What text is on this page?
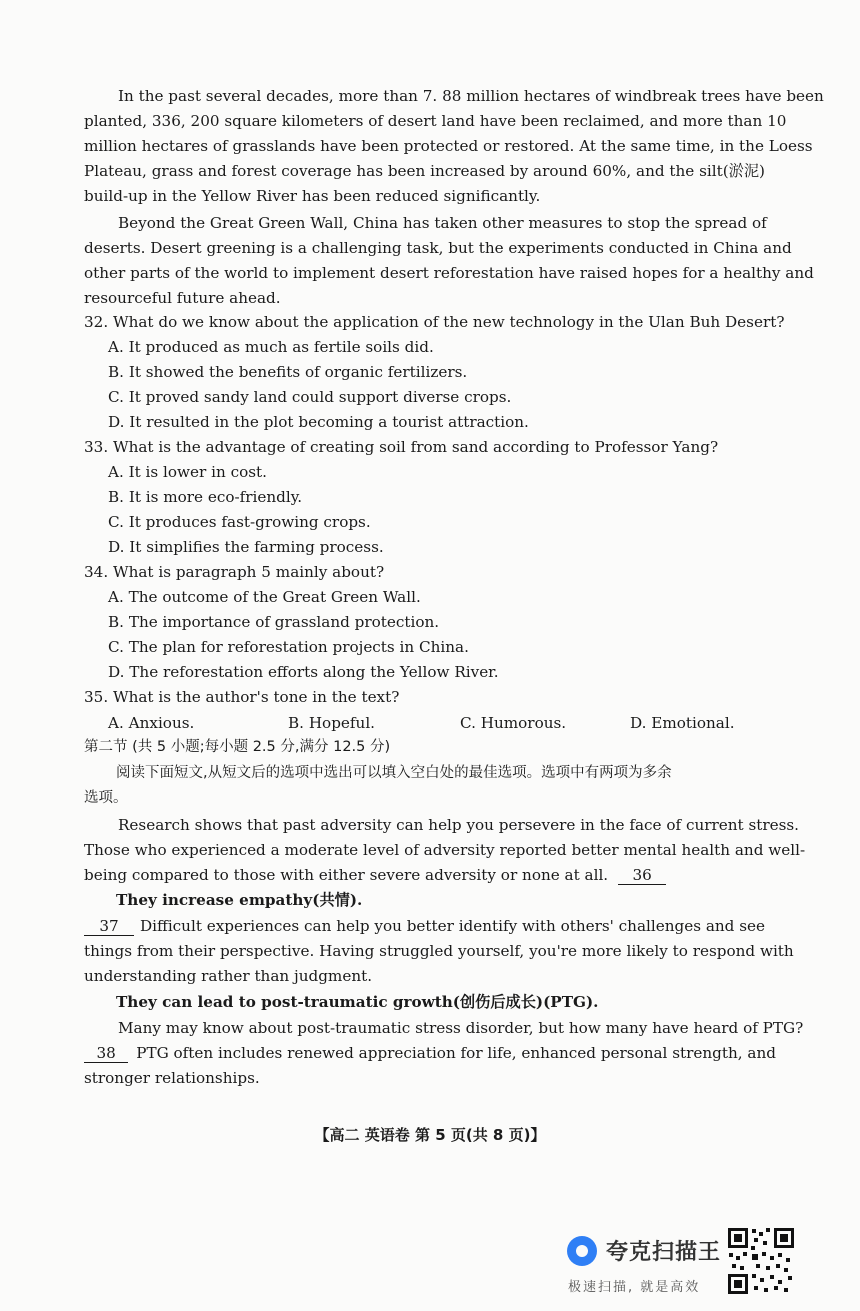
In the past several decades, more than 7. 88 million hectares of windbreak trees have been
planted, 336, 200 square kilometers of desert land have been reclaimed, and more than 10
million hectares of grasslands have been protected or restored. At the same time, in the Loess
Plateau, grass and forest coverage has been increased by around 60%, and the silt(淤泥)
build-up in the Yellow River has been reduced significantly.
Beyond the Great Green Wall, China has taken other measures to stop the spread of
deserts. Desert greening is a challenging task, but the experiments conducted in China and
other parts of the world to implement desert reforestation have raised hopes for a healthy and
resourceful future ahead.
32. What do we know about the application of the new technology in the Ulan Buh Desert?
A. It produced as much as fertile soils did.
B. It showed the benefits of organic fertilizers.
C. It proved sandy land could support diverse crops.
D. It resulted in the plot becoming a tourist attraction.
33. What is the advantage of creating soil from sand according to Professor Yang?
A. It is lower in cost.
B. It is more eco-friendly.
C. It produces fast-growing crops.
D. It simplifies the farming process.
34. What is paragraph 5 mainly about?
A. The outcome of the Great Green Wall.
B. The importance of grassland protection.
C. The plan for reforestation projects in China.
D. The reforestation efforts along the Yellow River.
35. What is the author's tone in the text?
A. Anxious.	B. Hopeful.	C. Humorous.	D. Emotional.
第二节 (共 5 小题;每小题 2.5 分,满分 12.5 分)
阅读下面短文,从短文后的选项中选出可以填入空白处的最佳选项。选项中有两项为多余
选项。
Research shows that past adversity can help you persevere in the face of current stress.
Those who experienced a moderate level of adversity reported better mental health and well-
being compared to those with either severe adversity or none at all.	36
They increase empathy(共情).
37	Difficult experiences can help you better identify with others' challenges and see
things from their perspective. Having struggled yourself, you're more likely to respond with
understanding rather than judgment.
They can lead to post-traumatic growth(创伤后成长)(PTG).
Many may know about post-traumatic stress disorder, but how many have heard of PTG?
38	PTG often includes renewed appreciation for life, enhanced personal strength, and
stronger relationships.
【高二 英语卷 第 5 页(共 8 页)】
夸克扫描王
极速扫描, 就是高效
